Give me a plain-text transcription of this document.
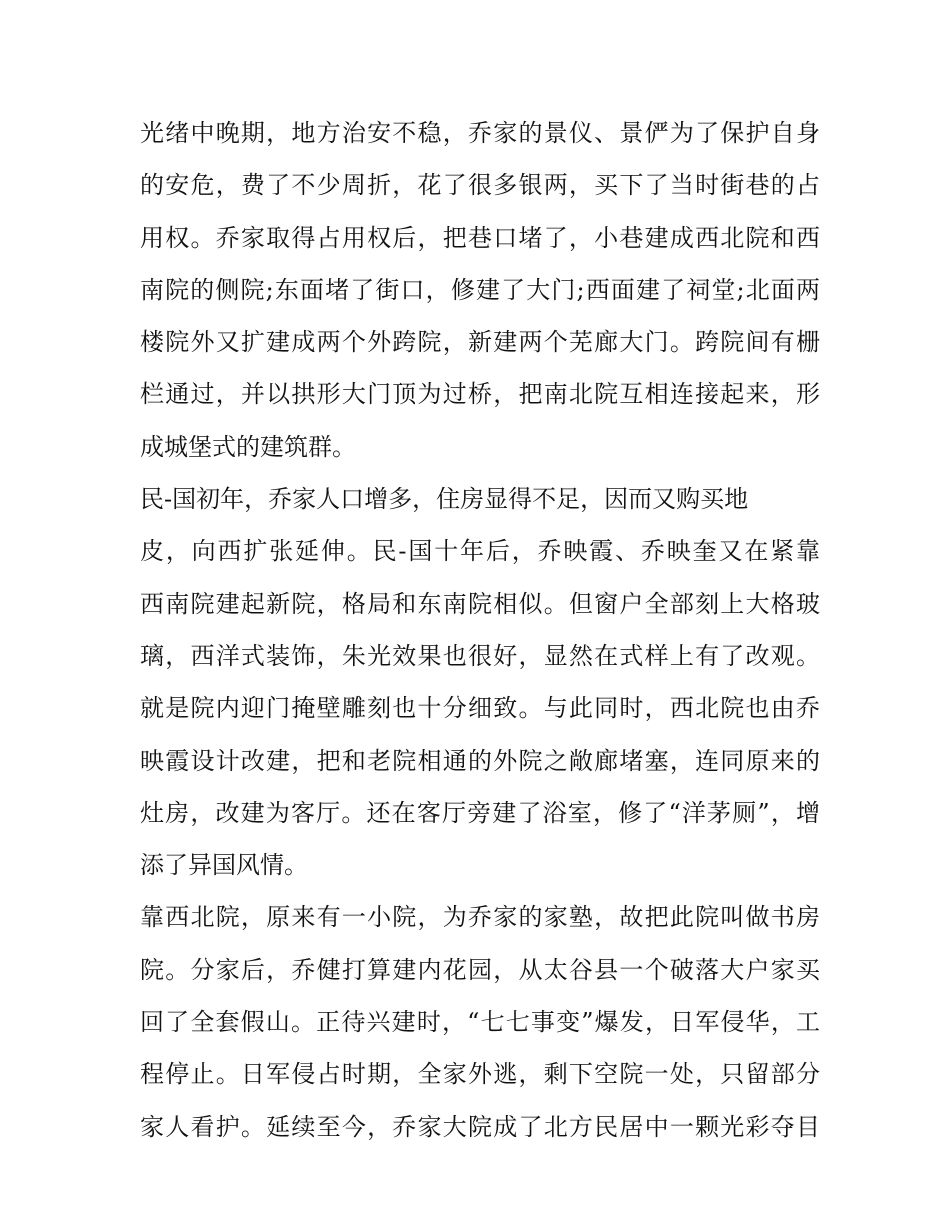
光绪中晚期，地方治安不稳，乔家的景仪、景俨为了保护自身
的安危，费了不少周折，花了很多银两，买下了当时街巷的占
用权。乔家取得占用权后，把巷口堵了，小巷建成西北院和西
南院的侧院;东面堵了街口，修建了大门;西面建了祠堂;北面两
楼院外又扩建成两个外跨院，新建两个芜廊大门。跨院间有栅
栏通过，并以拱形大门顶为过桥，把南北院互相连接起来，形
成城堡式的建筑群。
民-国初年，乔家人口增多，住房显得不足，因而又购买地
皮，向西扩张延伸。民-国十年后，乔映霞、乔映奎又在紧靠
西南院建起新院，格局和东南院相似。但窗户全部刻上大格玻
璃，西洋式装饰，朱光效果也很好，显然在式样上有了改观。
就是院内迎门掩壁雕刻也十分细致。与此同时，西北院也由乔
映霞设计改建，把和老院相通的外院之敞廊堵塞，连同原来的
灶房，改建为客厅。还在客厅旁建了浴室，修了“洋茅厕”，增
添了异国风情。
靠西北院，原来有一小院，为乔家的家塾，故把此院叫做书房
院。分家后，乔健打算建内花园，从太谷县一个破落大户家买
回了全套假山。正待兴建时，“七七事变”爆发，日军侵华，工
程停止。日军侵占时期，全家外逃，剩下空院一处，只留部分
家人看护。延续至今，乔家大院成了北方民居中一颗光彩夺目
